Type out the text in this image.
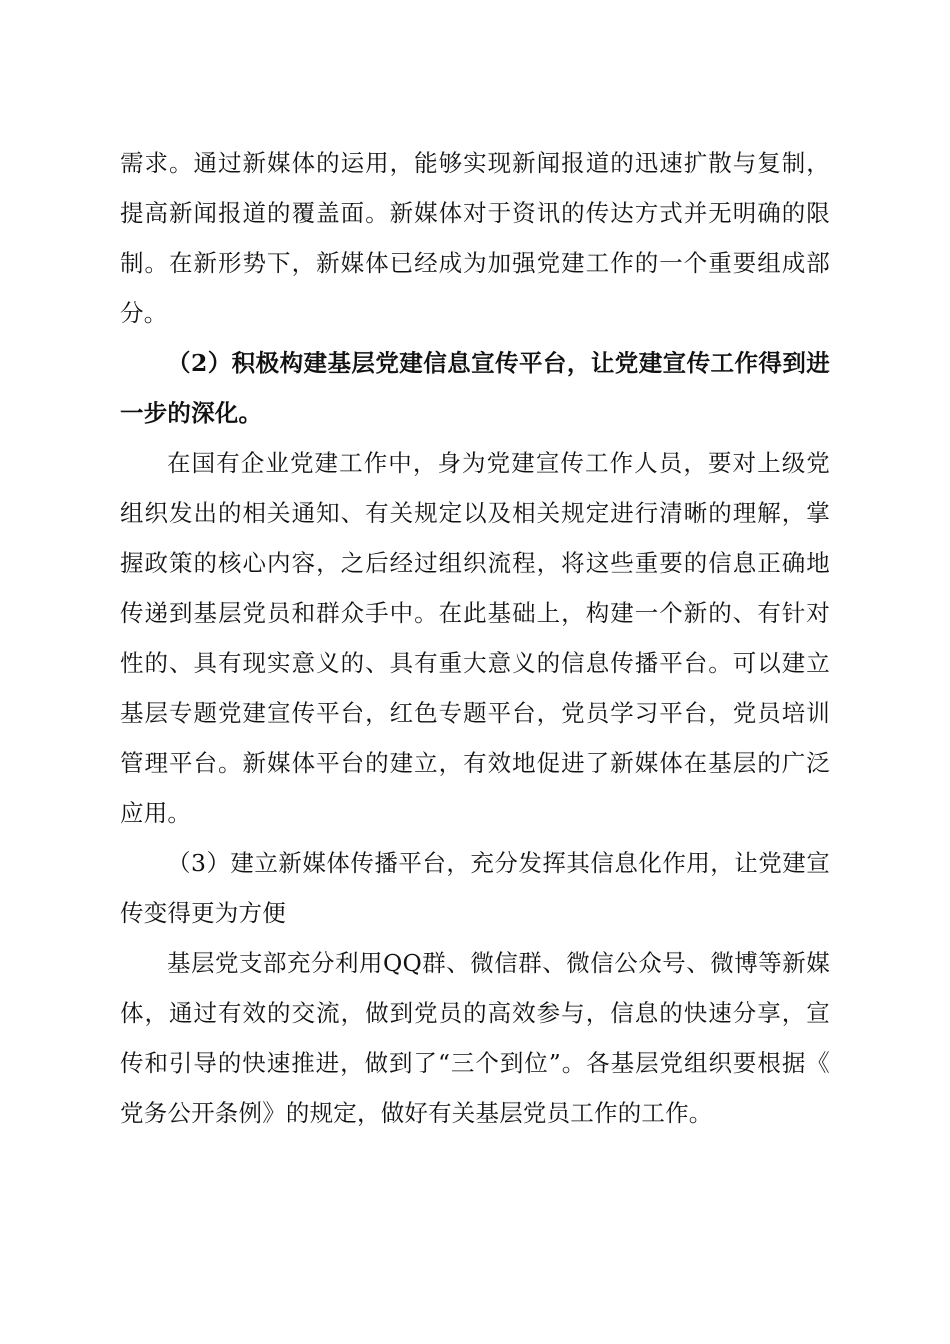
需求。通过新媒体的运用，能够实现新闻报道的迅速扩散与复制，提高新闻报道的覆盖面。新媒体对于资讯的传达方式并无明确的限制。在新形势下，新媒体已经成为加强党建工作的一个重要组成部分。

（2）积极构建基层党建信息宣传平台，让党建宣传工作得到进一步的深化。

在国有企业党建工作中，身为党建宣传工作人员，要对上级党组织发出的相关通知、有关规定以及相关规定进行清晰的理解，掌握政策的核心内容，之后经过组织流程，将这些重要的信息正确地传递到基层党员和群众手中。在此基础上，构建一个新的、有针对性的、具有现实意义的、具有重大意义的信息传播平台。可以建立基层专题党建宣传平台，红色专题平台，党员学习平台，党员培训管理平台。新媒体平台的建立，有效地促进了新媒体在基层的广泛应用。

（3）建立新媒体传播平台，充分发挥其信息化作用，让党建宣传变得更为方便

基层党支部充分利用QQ群、微信群、微信公众号、微博等新媒体，通过有效的交流，做到党员的高效参与，信息的快速分享，宣传和引导的快速推进，做到了“三个到位”。各基层党组织要根据《党务公开条例》的规定，做好有关基层党员工作的工作。
